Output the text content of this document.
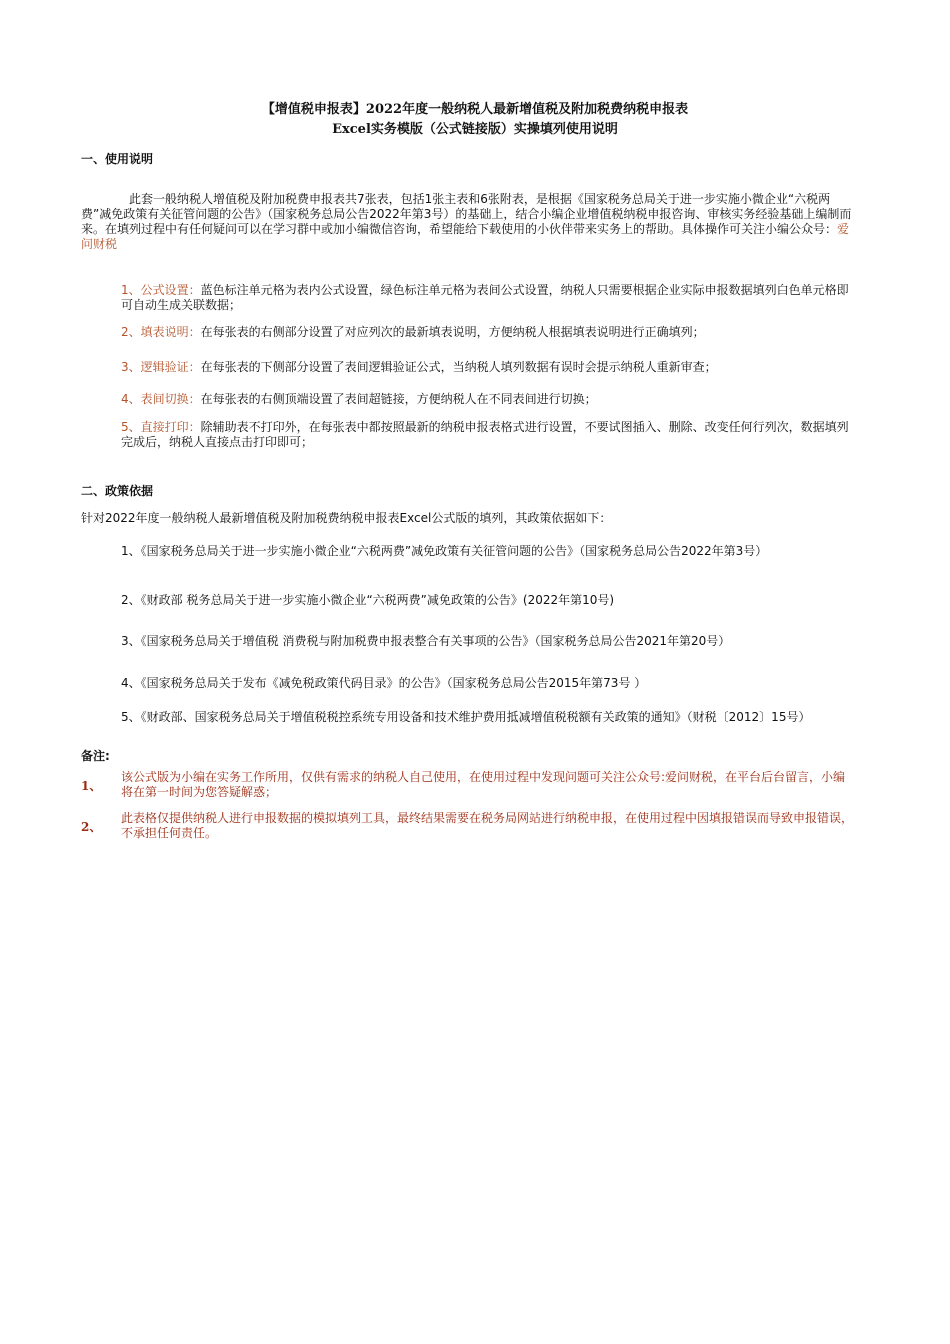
【增值税申报表】2022年度一般纳税人最新增值税及附加税费纳税申报表
Excel实务模版（公式链接版）实操填列使用说明
一、使用说明
此套一般纳税人增值税及附加税费申报表共7张表，包括1张主表和6张附表，是根据《国家税务总局关于进一步实施小微企业“六税两费”减免政策有关征管问题的公告》（国家税务总局公告2022年第3号）的基础上，结合小编企业增值税纳税申报咨询、审核实务经验基础上编制而来。在填列过程中有任何疑问可以在学习群中或加小编微信咨询，希望能给下载使用的小伙伴带来实务上的帮助。具体操作可关注小编公众号：爱问财税
1、公式设置：蓝色标注单元格为表内公式设置，绿色标注单元格为表间公式设置，纳税人只需要根据企业实际申报数据填列白色单元格即可自动生成关联数据；
2、填表说明：在每张表的右侧部分设置了对应列次的最新填表说明，方便纳税人根据填表说明进行正确填列；
3、逻辑验证：在每张表的下侧部分设置了表间逻辑验证公式，当纳税人填列数据有误时会提示纳税人重新审查；
4、表间切换：在每张表的右侧顶端设置了表间超链接，方便纳税人在不同表间进行切换；
5、直接打印：除辅助表不打印外，在每张表中都按照最新的纳税申报表格式进行设置，不要试图插入、删除、改变任何行列次，数据填列完成后，纳税人直接点击打印即可；
二、政策依据
针对2022年度一般纳税人最新增值税及附加税费纳税申报表Excel公式版的填列，其政策依据如下：
1、《国家税务总局关于进一步实施小微企业“六税两费”减免政策有关征管问题的公告》（国家税务总局公告2022年第3号）
2、《财政部 税务总局关于进一步实施小微企业“六税两费”减免政策的公告》(2022年第10号)
3、《国家税务总局关于增值税 消费税与附加税费申报表整合有关事项的公告》（国家税务总局公告2021年第20号）
4、《国家税务总局关于发布《减免税政策代码目录》的公告》（国家税务总局公告2015年第73号 ）
5、《财政部、国家税务总局关于增值税税控系统专用设备和技术维护费用抵减增值税税额有关政策的通知》（财税〔2012〕15号）
备注:
1、
该公式版为小编在实务工作所用，仅供有需求的纳税人自己使用，在使用过程中发现问题可关注公众号:爱问财税，在平台后台留言，小编将在第一时间为您答疑解惑；
2、
此表格仅提供纳税人进行申报数据的模拟填列工具，最终结果需要在税务局网站进行纳税申报，在使用过程中因填报错误而导致申报错误，不承担任何责任。
